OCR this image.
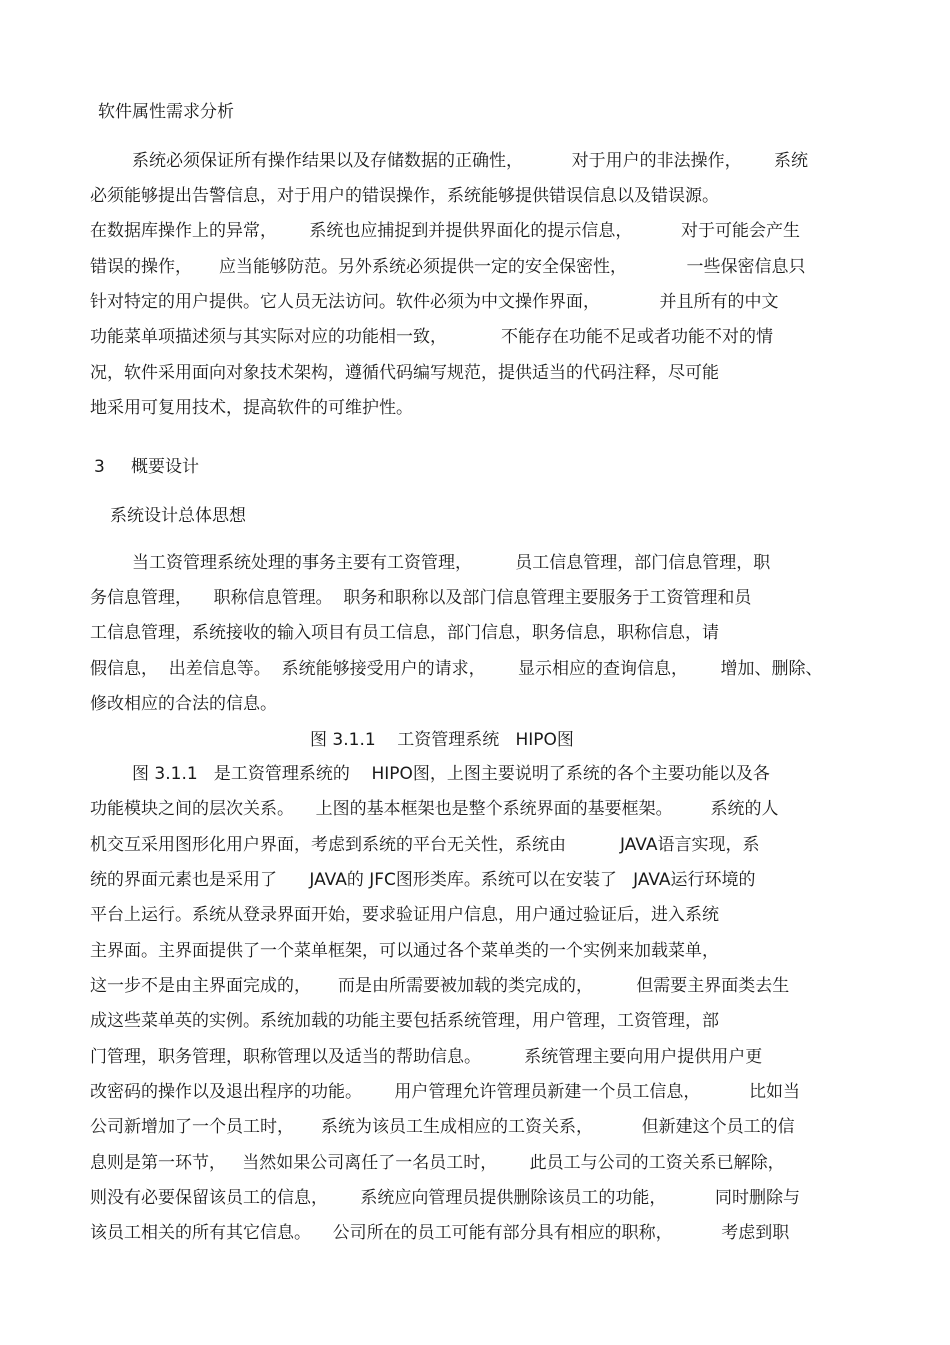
软件属性需求分析
系统必须保证所有操作结果以及存储数据的正确性，         对于用户的非法操作，      系统
必须能够提出告警信息，对于用户的错误操作，系统能够提供错误信息以及错误源。
在数据库操作上的异常，      系统也应捕捉到并提供界面化的提示信息，         对于可能会产生
错误的操作，     应当能够防范。另外系统必须提供一定的安全保密性，           一些保密信息只
针对特定的用户提供。它人员无法访问。软件必须为中文操作界面，           并且所有的中文
功能菜单项描述须与其实际对应的功能相一致，          不能存在功能不足或者功能不对的情
况，软件采用面向对象技术架构，遵循代码编写规范，提供适当的代码注释，尽可能
地采用可复用技术，提高软件的可维护性。
3 概要设计
系统设计总体思想
当工资管理系统处理的事务主要有工资管理，        员工信息管理，部门信息管理，职
务信息管理，    职称信息管理。  职务和职称以及部门信息管理主要服务于工资管理和员
工信息管理，系统接收的输入项目有员工信息，部门信息，职务信息，职称信息，请
假信息，  出差信息等。  系统能够接受用户的请求，      显示相应的查询信息，      增加、删除、
修改相应的合法的信息。
图 3.1.1    工资管理系统   HIPO图
图 3.1.1   是工资管理系统的    HIPO图，上图主要说明了系统的各个主要功能以及各
功能模块之间的层次关系。    上图的基本框架也是整个系统界面的基要框架。       系统的人
机交互采用图形化用户界面，考虑到系统的平台无关性，系统由          JAVA语言实现，系
统的界面元素也是采用了      JAVA的 JFC图形类库。系统可以在安装了   JAVA运行环境的
平台上运行。系统从登录界面开始，要求验证用户信息，用户通过验证后，进入系统
主界面。主界面提供了一个菜单框架，可以通过各个菜单类的一个实例来加载菜单，
这一步不是由主界面完成的，     而是由所需要被加载的类完成的，        但需要主界面类去生
成这些菜单英的实例。系统加载的功能主要包括系统管理，用户管理，工资管理，部
门管理，职务管理，职称管理以及适当的帮助信息。        系统管理主要向用户提供用户更
改密码的操作以及退出程序的功能。      用户管理允许管理员新建一个员工信息，         比如当
公司新增加了一个员工时，     系统为该员工生成相应的工资关系，         但新建这个员工的信
息则是第一环节，   当然如果公司离任了一名员工时，      此员工与公司的工资关系已解除，
则没有必要保留该员工的信息，      系统应向管理员提供删除该员工的功能，         同时删除与
该员工相关的所有其它信息。    公司所在的员工可能有部分具有相应的职称，         考虑到职
